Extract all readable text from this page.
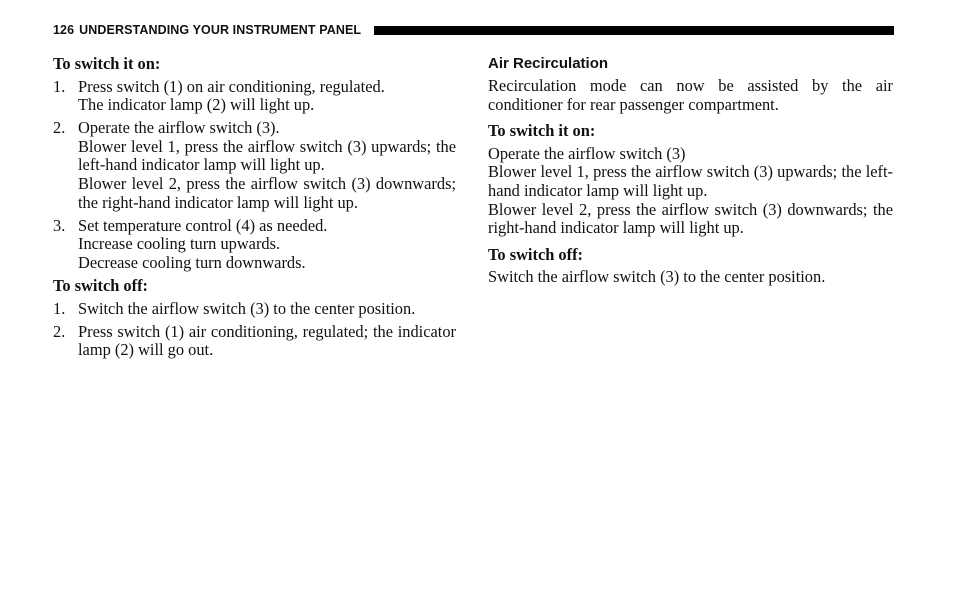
126 UNDERSTANDING YOUR INSTRUMENT PANEL

To switch it on:

1. Press switch (1) on air conditioning, regulated.

The indicator lamp (2) will light up.

2. Operate the airflow switch (3).

Blower level 1, press the airflow switch (3) upwards; the left-hand indicator lamp will light up.

Blower level 2, press the airflow switch (3) downwards; the right-hand indicator lamp will light up.

3. Set temperature control (4) as needed.

Increase cooling turn upwards.

Decrease cooling turn downwards.

To switch off:

1. Switch the airflow switch (3) to the center position.

2. Press switch (1) air conditioning, regulated; the indicator lamp (2) will go out.

Air Recirculation

Recirculation mode can now be assisted by the air conditioner for rear passenger compartment.

To switch it on:

Operate the airflow switch (3)

Blower level 1, press the airflow switch (3) upwards; the left-hand indicator lamp will light up.

Blower level 2, press the airflow switch (3) downwards; the right-hand indicator lamp will light up.

To switch off:

Switch the airflow switch (3) to the center position.
